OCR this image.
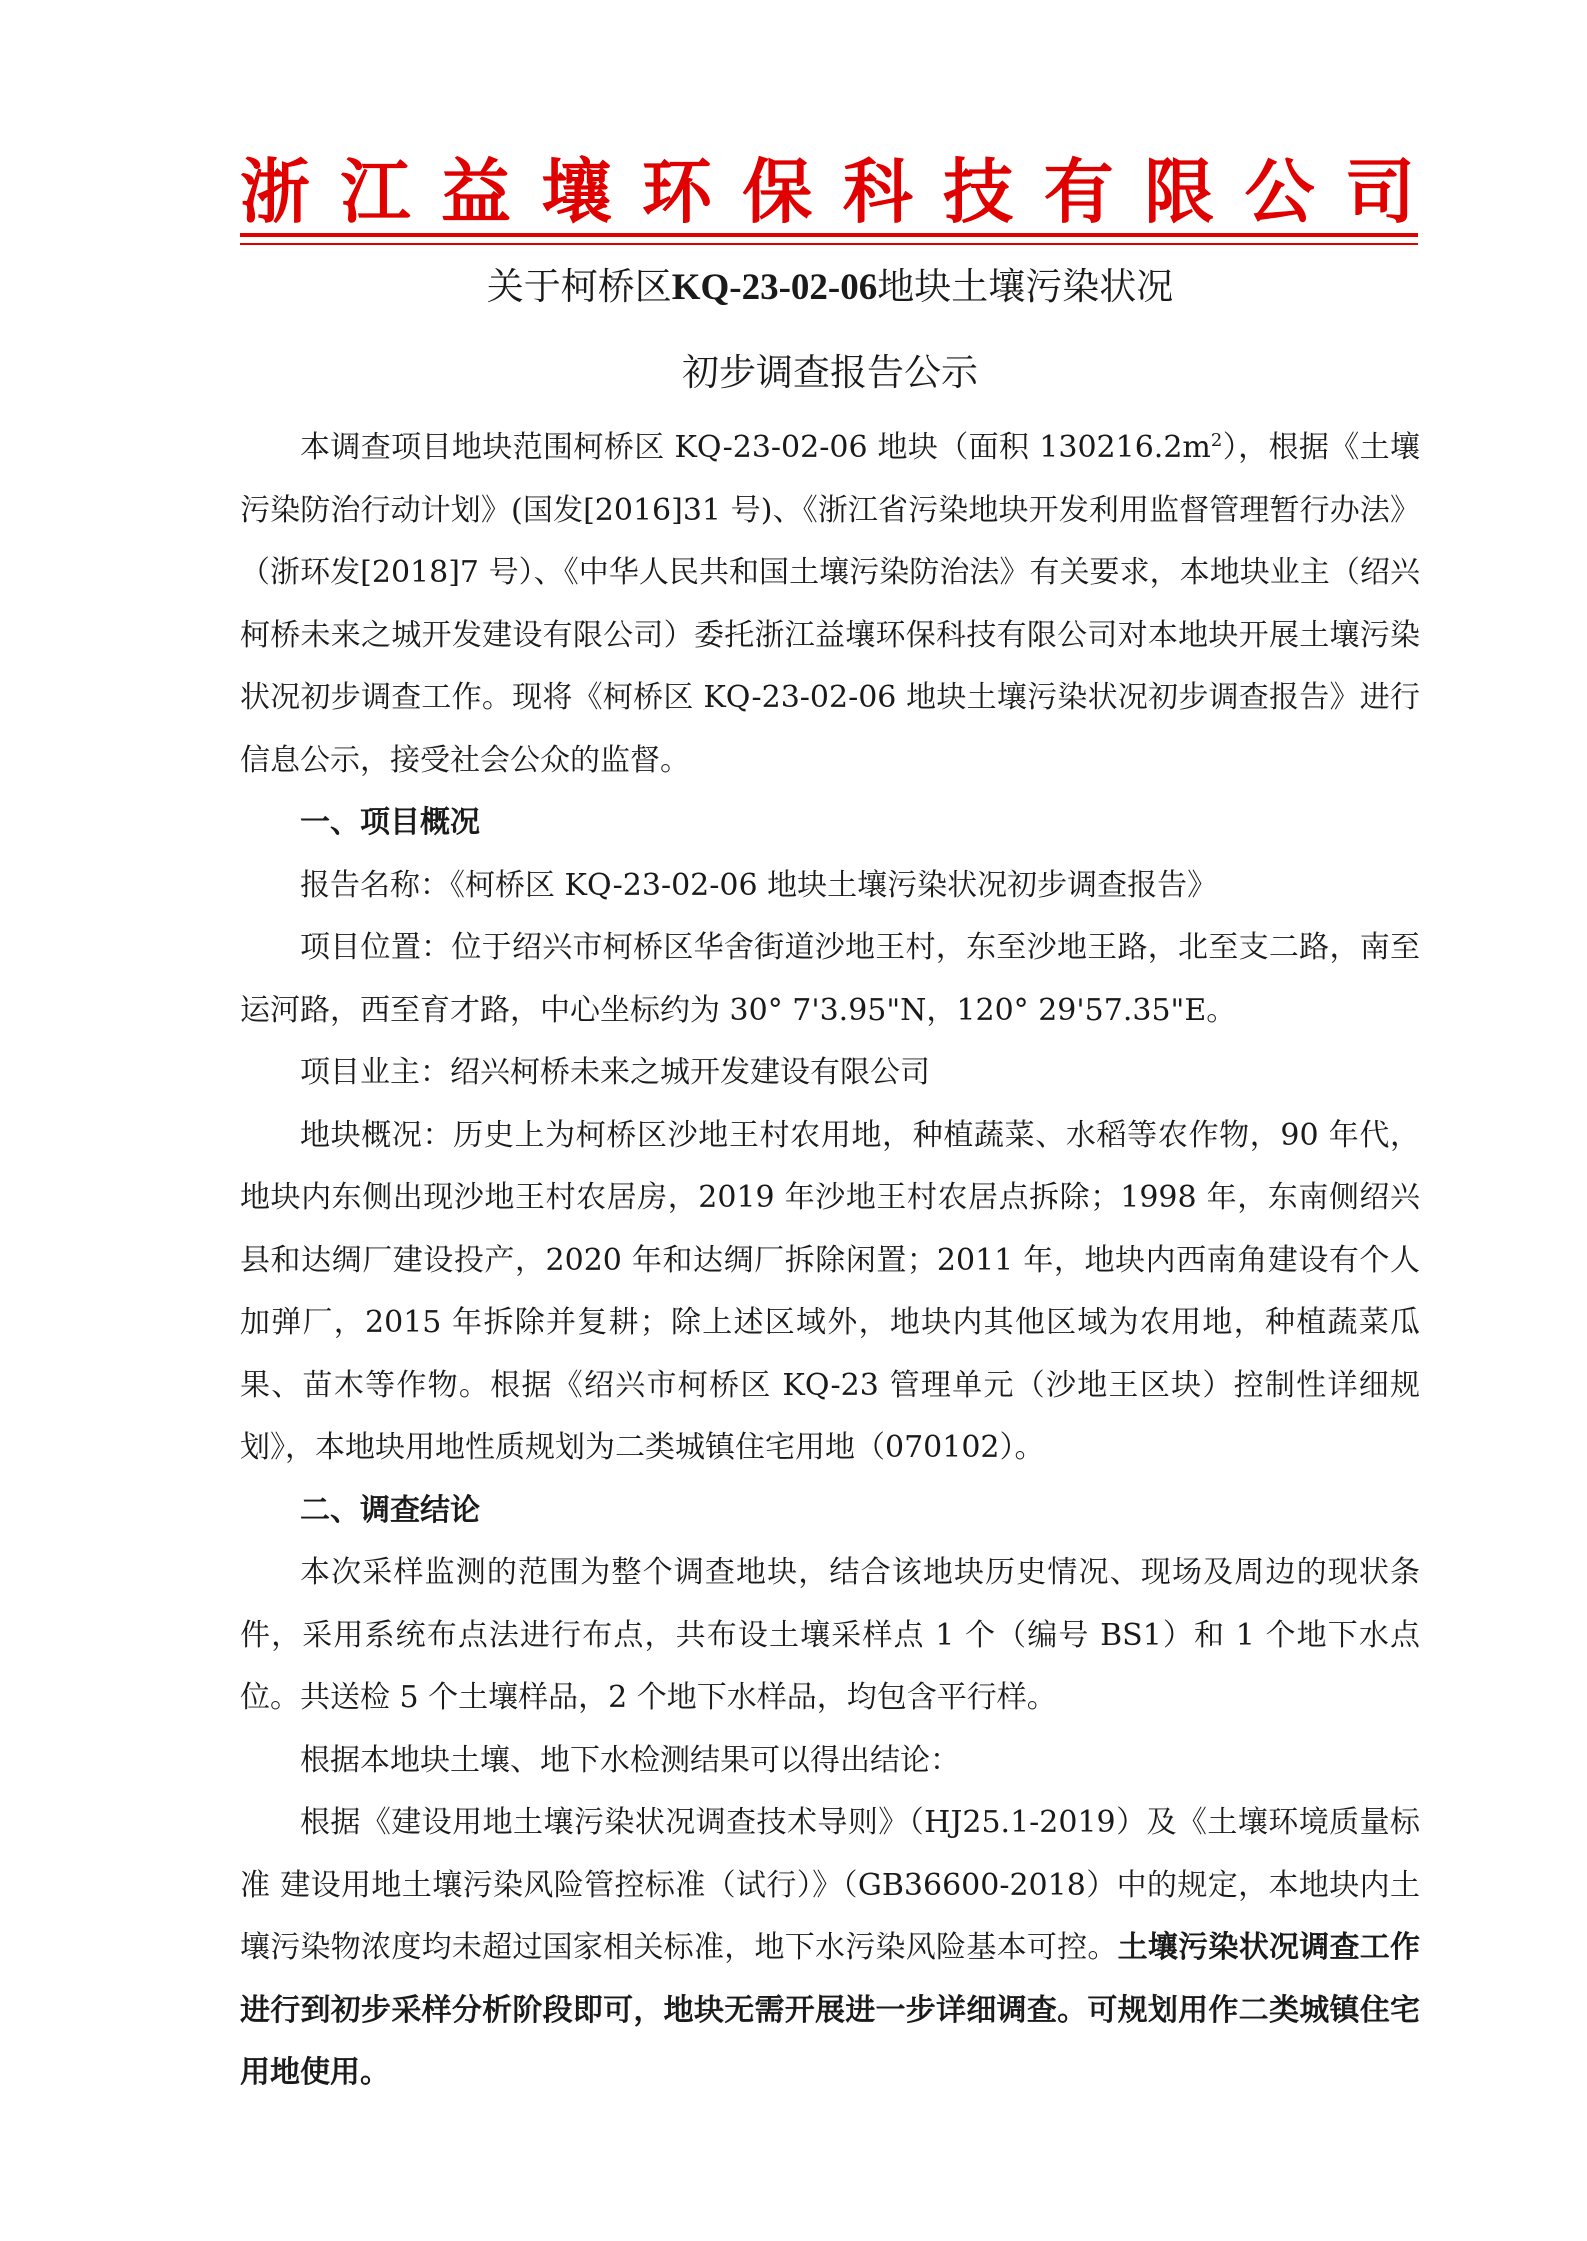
浙 江 益 壤 环 保 科 技 有 限 公 司
关于柯桥区KQ-23-02-06地块土壤污染状况
初步调查报告公示

本调查项目地块范围柯桥区 KQ-23-02-06 地块（面积 $130216.2m^2$），根据《土壤污染防治行动计划》(国发[2016]31 号)、《浙江省污染地块开发利用监督管理暂行办法》（浙环发[2018]7 号）、《中华人民共和国土壤污染防治法》有关要求，本地块业主（绍兴柯桥未来之城开发建设有限公司）委托浙江益壤环保科技有限公司对本地块开展土壤污染状况初步调查工作。现将《柯桥区 KQ-23-02-06 地块土壤污染状况初步调查报告》进行信息公示，接受社会公众的监督。

一、项目概况

报告名称：《柯桥区 KQ-23-02-06 地块土壤污染状况初步调查报告》

项目位置：位于绍兴市柯桥区华舍街道沙地王村，东至沙地王路，北至支二路，南至运河路，西至育才路，中心坐标约为 30° 7'3.95"N，120° 29'57.35"E。

项目业主：绍兴柯桥未来之城开发建设有限公司

地块概况：历史上为柯桥区沙地王村农用地，种植蔬菜、水稻等农作物，90 年代，地块内东侧出现沙地王村农居房，2019 年沙地王村农居点拆除；1998 年，东南侧绍兴县和达绸厂建设投产，2020 年和达绸厂拆除闲置；2011 年，地块内西南角建设有个人加弹厂，2015 年拆除并复耕；除上述区域外，地块内其他区域为农用地，种植蔬菜瓜果、苗木等作物。根据《绍兴市柯桥区 KQ-23 管理单元（沙地王区块）控制性详细规划》，本地块用地性质规划为二类城镇住宅用地（070102）。

二、调查结论

本次采样监测的范围为整个调查地块，结合该地块历史情况、现场及周边的现状条件，采用系统布点法进行布点，共布设土壤采样点 1 个（编号 BS1）和 1 个地下水点位。共送检 5 个土壤样品，2 个地下水样品，均包含平行样。

根据本地块土壤、地下水检测结果可以得出结论：

根据《建设用地土壤污染状况调查技术导则》（HJ25.1-2019）及《土壤环境质量标准 建设用地土壤污染风险管控标准（试行）》（GB36600-2018）中的规定，本地块内土壤污染物浓度均未超过国家相关标准，地下水污染风险基本可控。土壤污染状况调查工作进行到初步采样分析阶段即可，地块无需开展进一步详细调查。可规划用作二类城镇住宅用地使用。
